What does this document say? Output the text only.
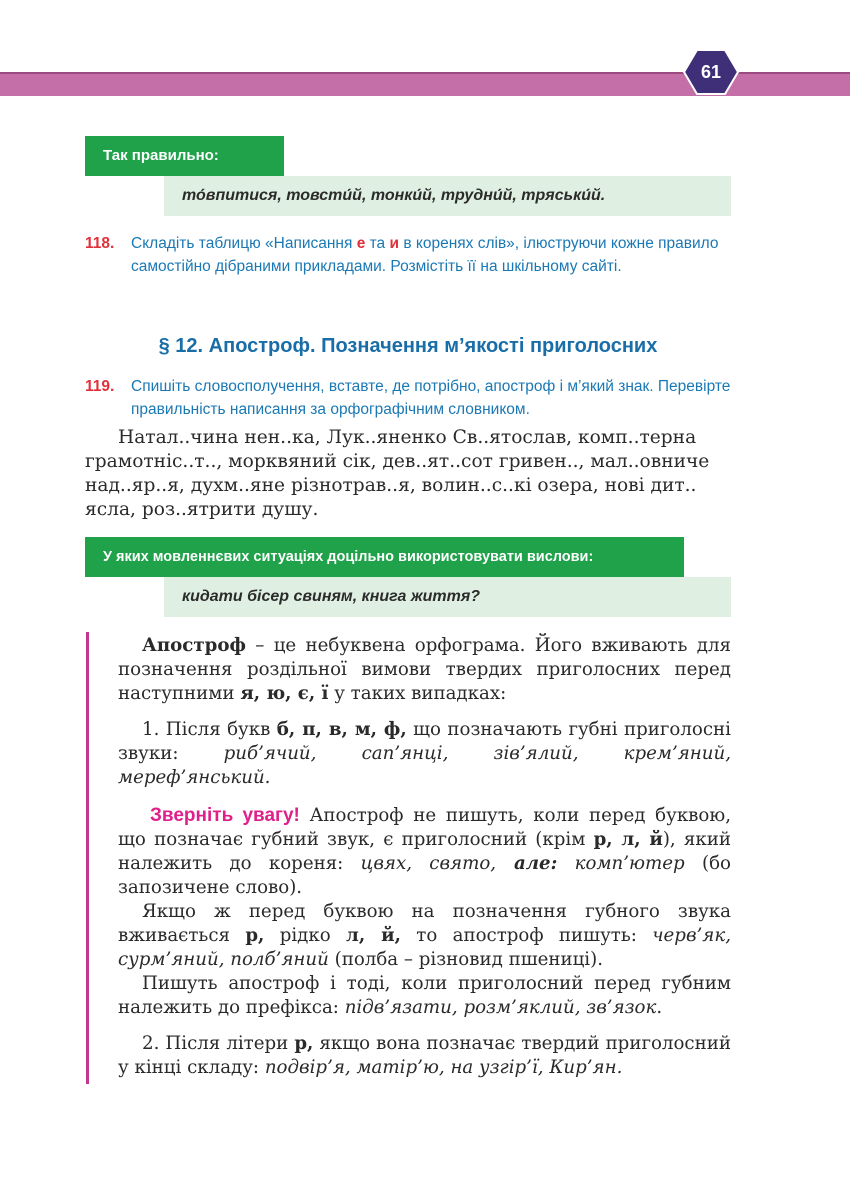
61
Так правильно:
то́впитися, товсти́й, тонки́й, трудни́й, тряськи́й.
118. Складіть таблицю «Написання е та и в коренях слів», ілюструючи кожне правило самостійно дібраними прикладами. Розмістіть її на шкільному сайті.
§ 12. Апостроф. Позначення м’якості приголосних
119. Спишіть словосполучення, вставте, де потрібно, апостроф і м’який знак. Перевірте правильність написання за орфографічним словником.
Натал..чина нен..ка, Лук..яненко Св..ятослав, комп..терна
грамотніс..т.., морквяний сік, дев..ят..сот гривен.., мал..овниче
над..яр..я, духм..яне різнотрав..я, волин..с..кі озера, нові дит..
ясла, роз..ятрити душу.
У яких мовленнєвих ситуаціях доцільно використовувати вислови:
кидати бісер свиням, книга життя?

Апостроф – це небуквена орфограма. Його вживають для позначення роздільної вимови твердих приголосних перед наступними я, ю, є, ї у таких випадках:

1. Після букв б, п, в, м, ф, що позначають губні приголосні звуки: риб’ячий, сап’янці, зів’ялий, крем’яний, мереф’янський.

Зверніть увагу! Апостроф не пишуть, коли перед буквою, що позначає губний звук, є приголосний (крім р, л, й), який належить до кореня: цвях, свято, але: комп’ютер (бо запозичене слово).

Якщо ж перед буквою на позначення губного звука вживається р, рідко л, й, то апостроф пишуть: черв’як, сурм’яний, полб’яний (полба – різновид пшениці).

Пишуть апостроф і тоді, коли приголосний перед губним належить до префікса: підв’язати, розм’яклий, зв’язок.

2. Після літери р, якщо вона позначає твердий приголосний у кінці складу: подвір’я, матір’ю, на узгір’ї, Кир’ян.
